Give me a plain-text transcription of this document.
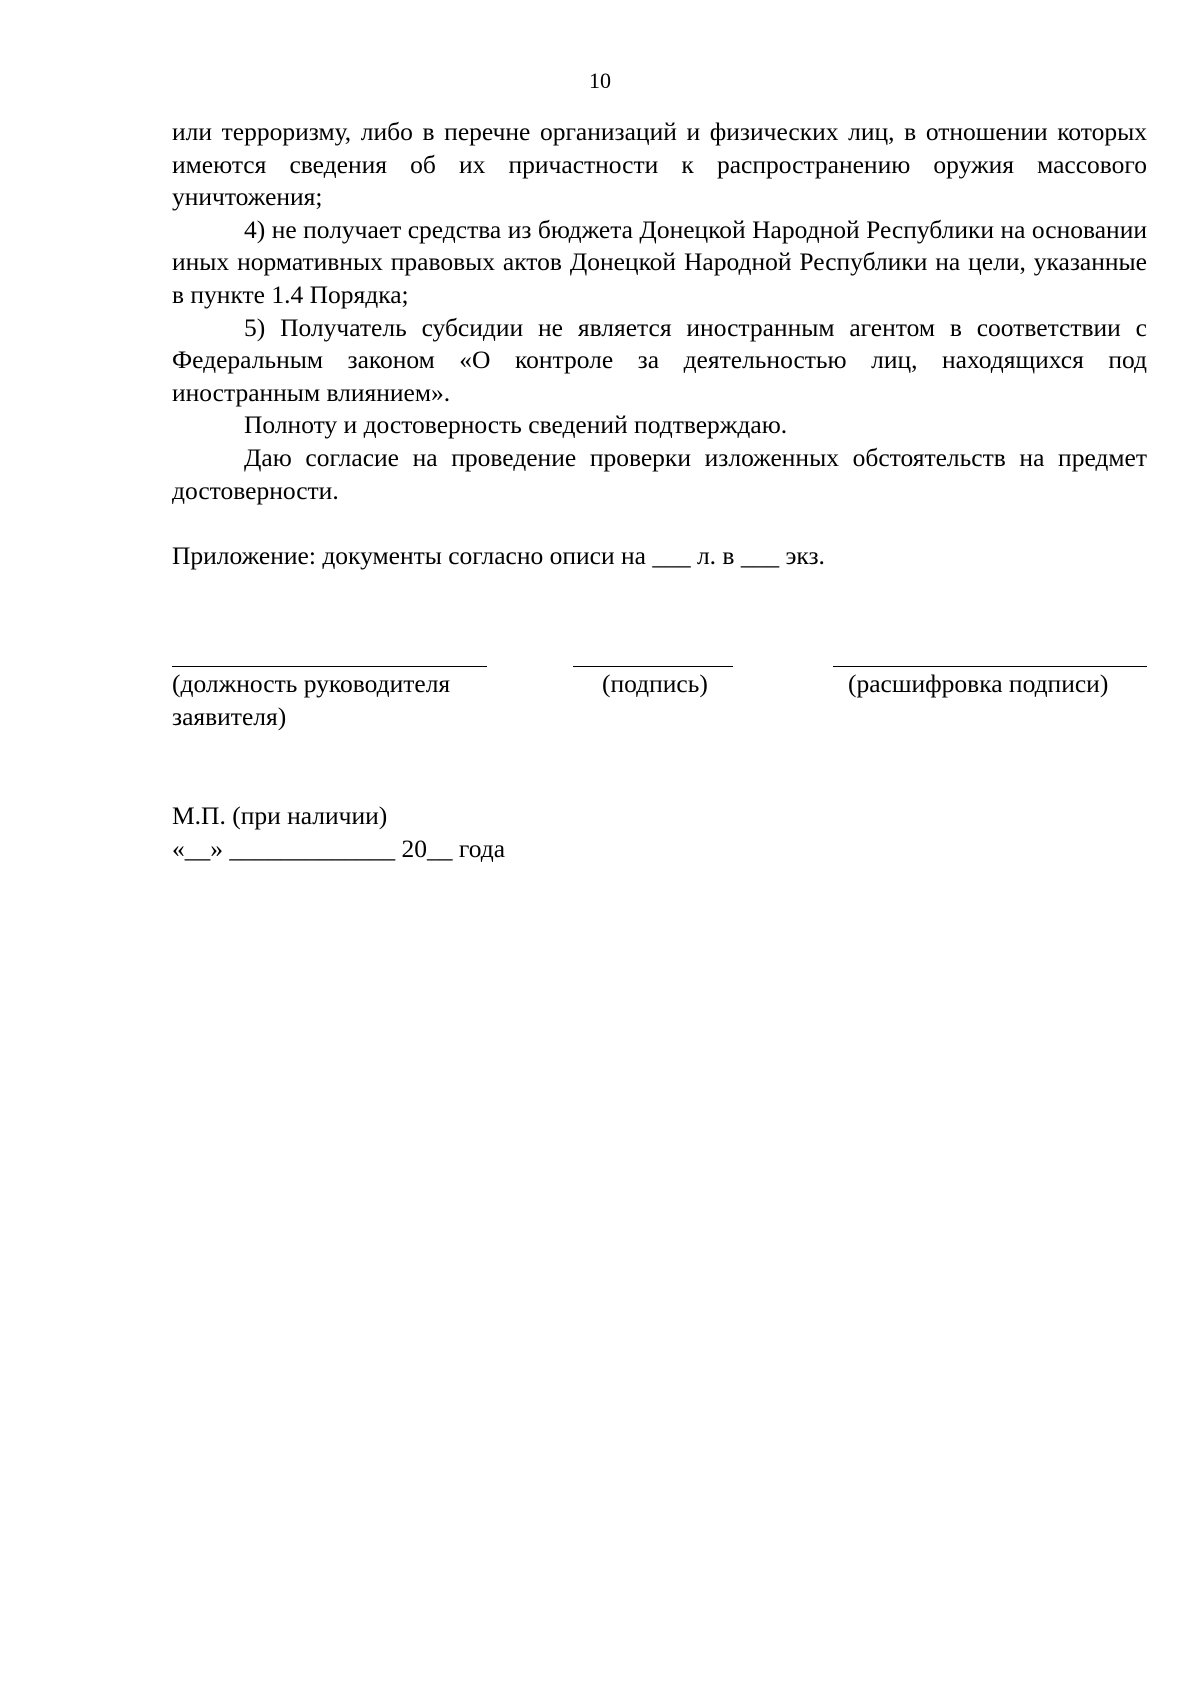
10

или терроризму, либо в перечне организаций и физических лиц, в отношении которых имеются сведения об их причастности к распространению оружия массового уничтожения;

4) не получает средства из бюджета Донецкой Народной Республики на основании иных нормативных правовых актов Донецкой Народной Республики на цели, указанные в пункте 1.4 Порядка;

5) Получатель субсидии не является иностранным агентом в соответствии с Федеральным законом «О контроле за деятельностью лиц, находящихся под иностранным влиянием».

Полноту и достоверность сведений подтверждаю.

Даю согласие на проведение проверки изложенных обстоятельств на предмет достоверности.

Приложение: документы согласно описи на ___ л. в ___ экз.
(должность руководителя
заявителя)
(подпись)	(расшифровка подписи)
М.П. (при наличии)
«__» _____________ 20__ года
